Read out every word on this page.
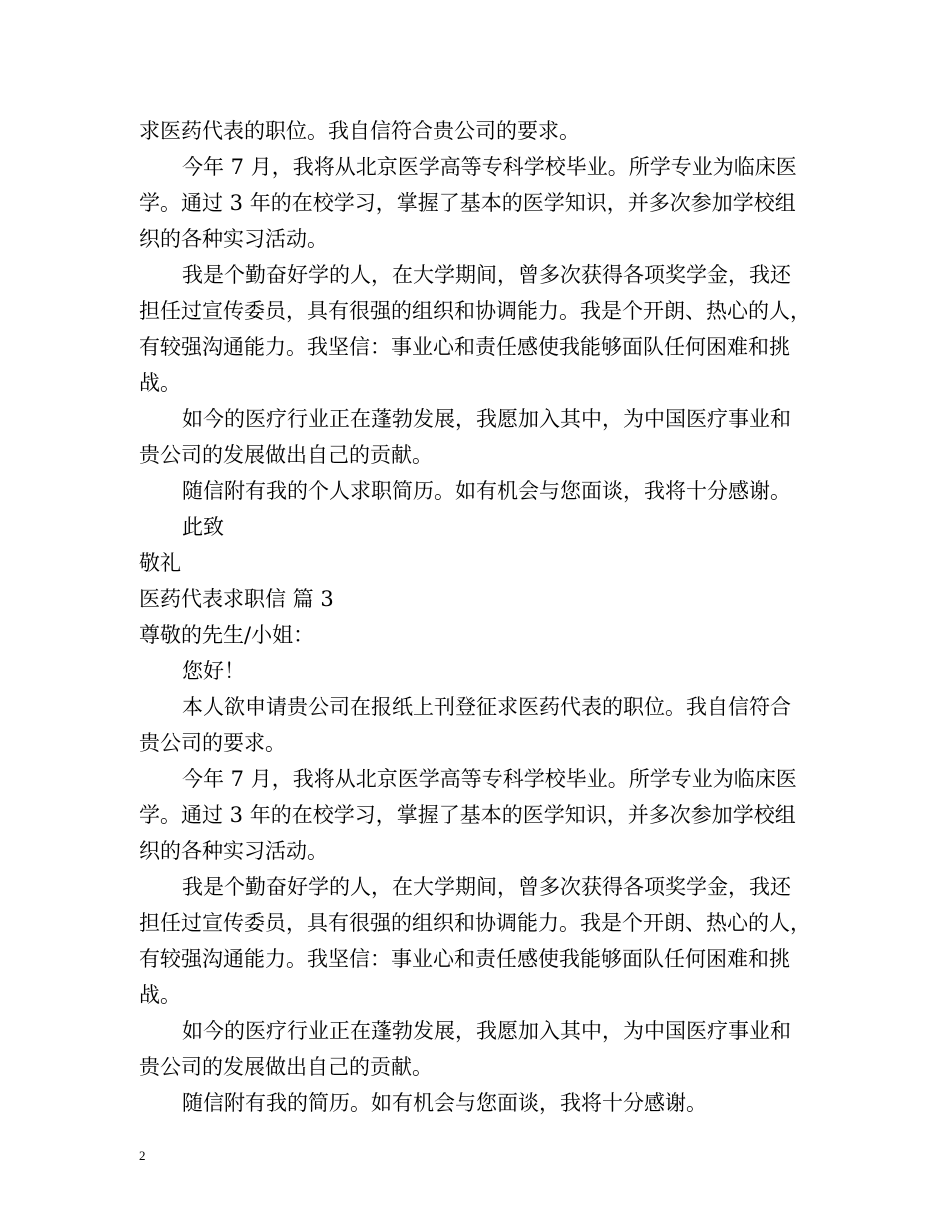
求医药代表的职位。我自信符合贵公司的要求。
今年 7 月，我将从北京医学高等专科学校毕业。所学专业为临床医
学。通过 3 年的在校学习，掌握了基本的医学知识，并多次参加学校组
织的各种实习活动。
我是个勤奋好学的人，在大学期间，曾多次获得各项奖学金，我还
担任过宣传委员，具有很强的组织和协调能力。我是个开朗、热心的人，
有较强沟通能力。我坚信：事业心和责任感使我能够面队任何困难和挑
战。
如今的医疗行业正在蓬勃发展，我愿加入其中，为中国医疗事业和
贵公司的发展做出自己的贡献。
随信附有我的个人求职简历。如有机会与您面谈，我将十分感谢。
此致
敬礼
医药代表求职信 篇 3
尊敬的先生/小姐：
您好！
本人欲申请贵公司在报纸上刊登征求医药代表的职位。我自信符合
贵公司的要求。
今年 7 月，我将从北京医学高等专科学校毕业。所学专业为临床医
学。通过 3 年的在校学习，掌握了基本的医学知识，并多次参加学校组
织的各种实习活动。
我是个勤奋好学的人，在大学期间，曾多次获得各项奖学金，我还
担任过宣传委员，具有很强的组织和协调能力。我是个开朗、热心的人，
有较强沟通能力。我坚信：事业心和责任感使我能够面队任何困难和挑
战。
如今的医疗行业正在蓬勃发展，我愿加入其中，为中国医疗事业和
贵公司的发展做出自己的贡献。
随信附有我的简历。如有机会与您面谈，我将十分感谢。
2
